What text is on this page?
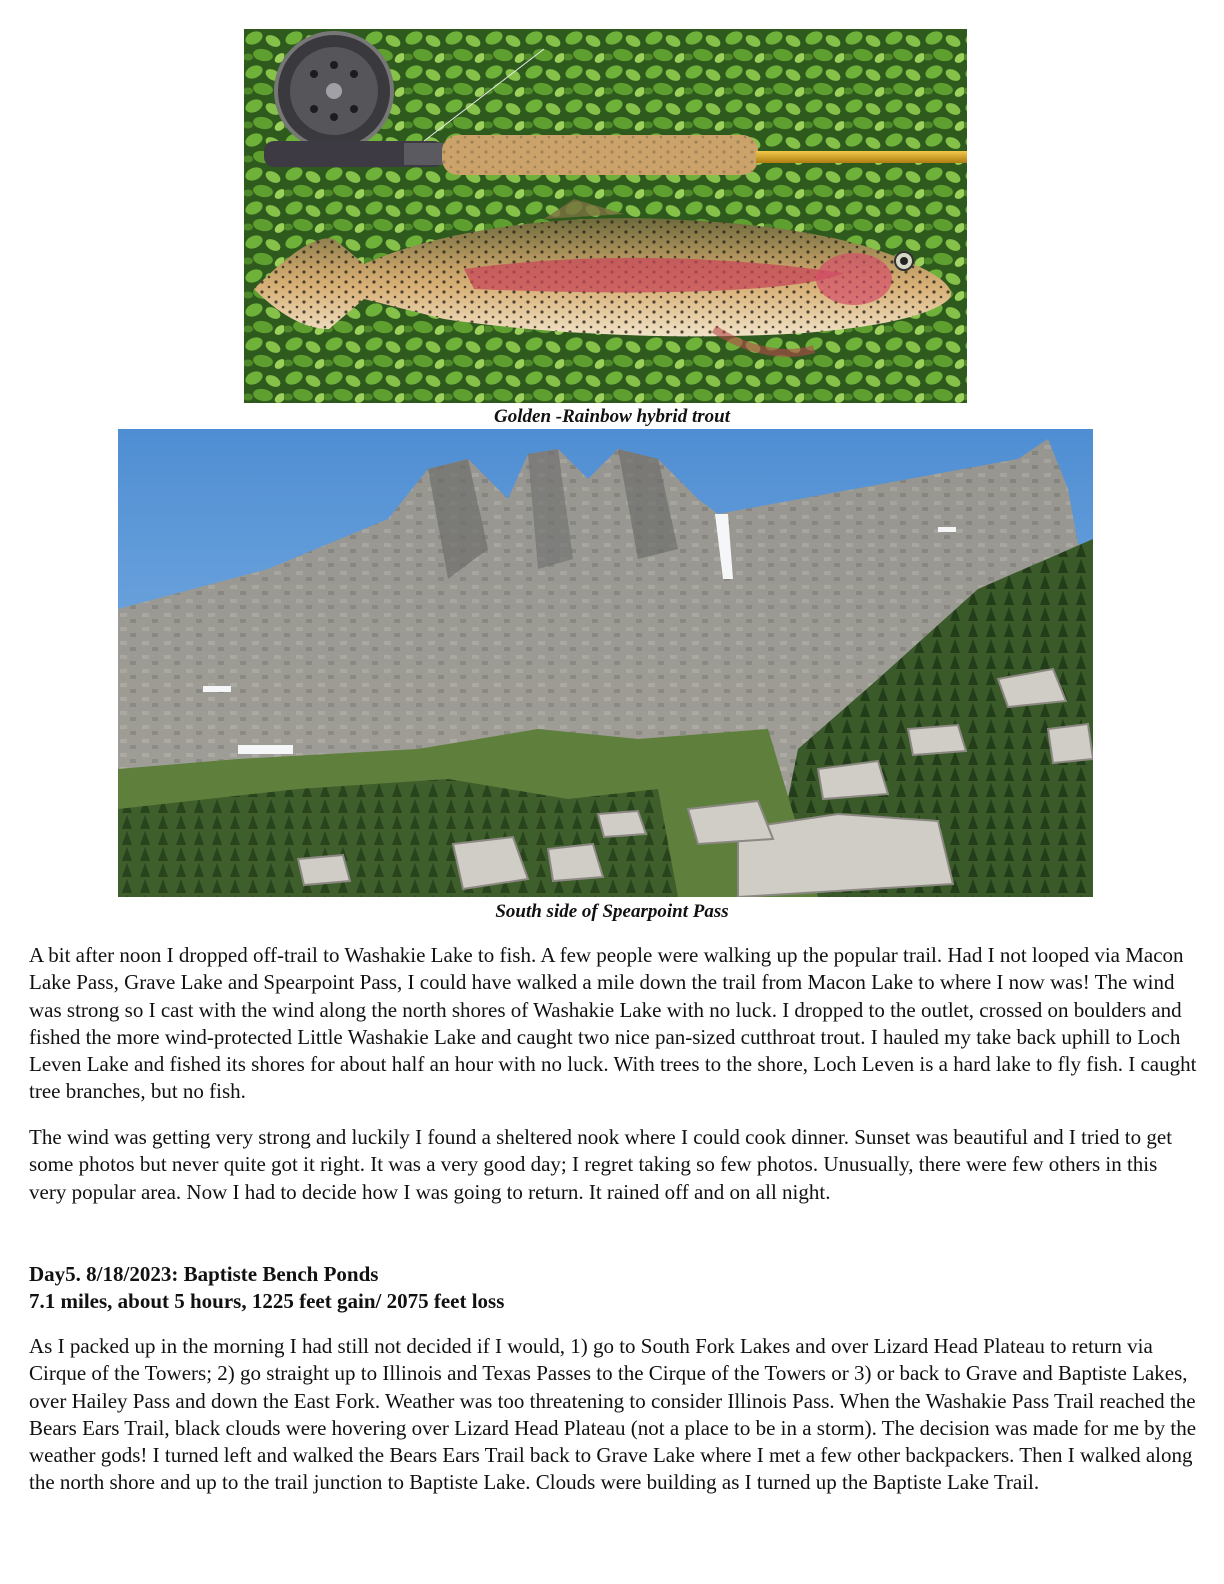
Golden -Rainbow hybrid trout
South side of Spearpoint Pass

A bit after noon I dropped off-trail to Washakie Lake to fish. A few people were walking up the popular trail. Had I not looped via Macon Lake Pass, Grave Lake and Spearpoint Pass, I could have walked a mile down the trail from Macon Lake to where I now was! The wind was strong so I cast with the wind along the north shores of Washakie Lake with no luck. I dropped to the outlet, crossed on boulders and fished the more wind-protected Little Washakie Lake and caught two nice pan-sized cutthroat trout. I hauled my take back uphill to Loch Leven Lake and fished its shores for about half an hour with no luck. With trees to the shore, Loch Leven is a hard lake to fly fish. I caught tree branches, but no fish.

The wind was getting very strong and luckily I found a sheltered nook where I could cook dinner. Sunset was beautiful and I tried to get some photos but never quite got it right. It was a very good day; I regret taking so few photos. Unusually, there were few others in this very popular area. Now I had to decide how I was going to return. It rained off and on all night.

Day5. 8/18/2023: Baptiste Bench Ponds
7.1 miles, about 5 hours, 1225 feet gain/ 2075 feet loss

As I packed up in the morning I had still not decided if I would, 1) go to South Fork Lakes and over Lizard Head Plateau to return via Cirque of the Towers; 2) go straight up to Illinois and Texas Passes to the Cirque of the Towers or 3) or back to Grave and Baptiste Lakes, over Hailey Pass and down the East Fork. Weather was too threatening to consider Illinois Pass. When the Washakie Pass Trail reached the Bears Ears Trail, black clouds were hovering over Lizard Head Plateau (not a place to be in a storm). The decision was made for me by the weather gods! I turned left and walked the Bears Ears Trail back to Grave Lake where I met a few other backpackers. Then I walked along the north shore and up to the trail junction to Baptiste Lake. Clouds were building as I turned up the Baptiste Lake Trail.
